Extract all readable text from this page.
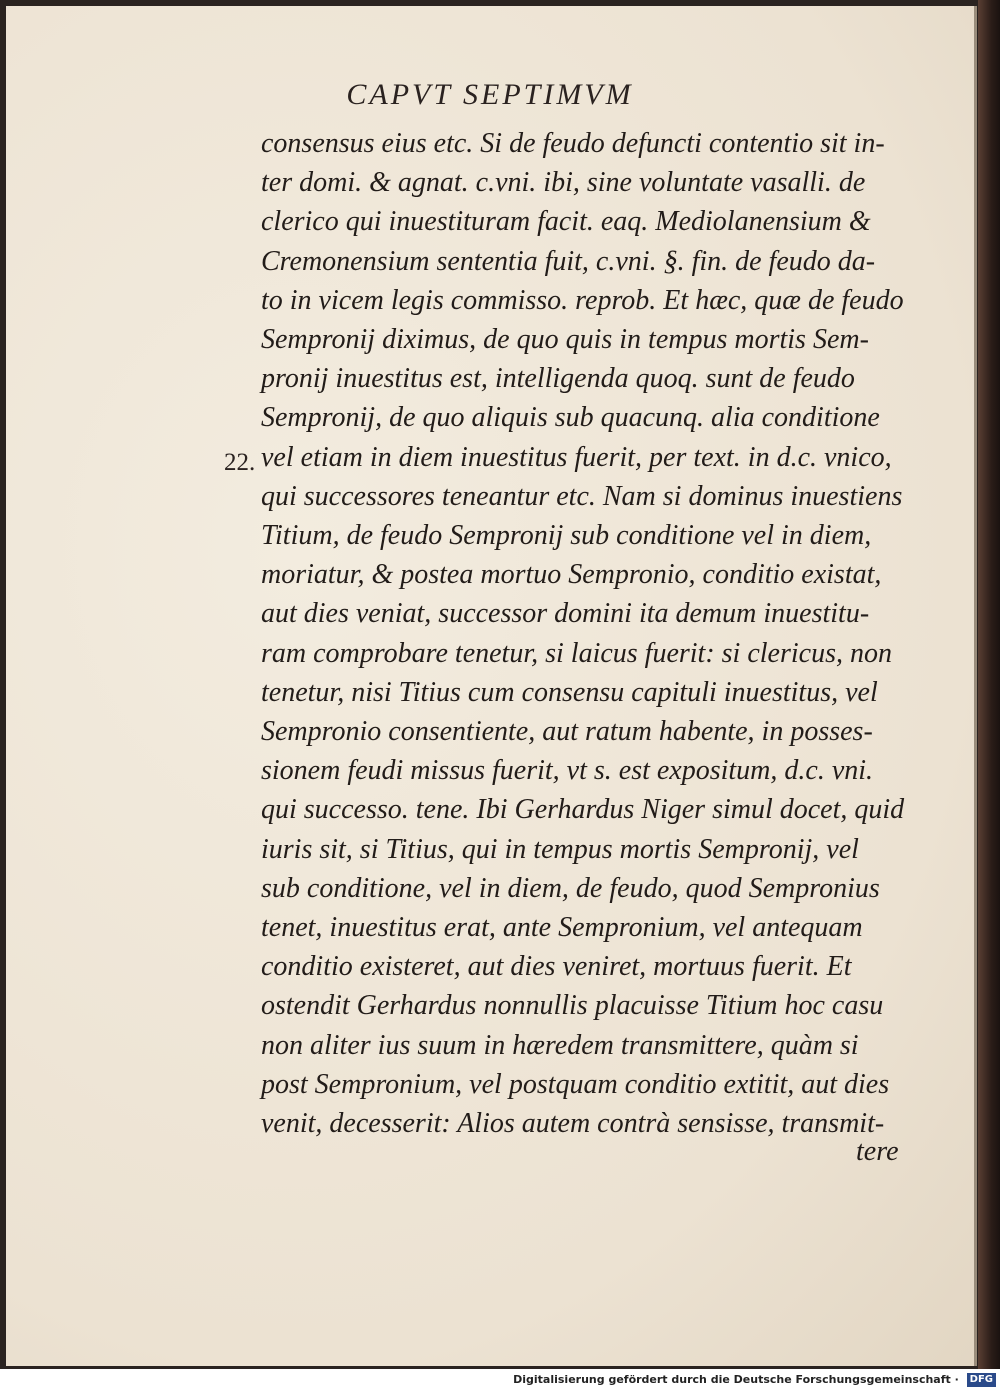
CAPVT SEPTIMVM
22.
consensus eius etc. Si de feudo defuncti contentio sit in-
ter domi. & agnat. c.vni. ibi, sine voluntate vasalli. de
clerico qui inuestituram facit. eaq. Mediolanensium &
Cremonensium sententia fuit, c.vni. §. fin. de feudo da-
to in vicem legis commisso. reprob. Et hæc, quæ de feudo
Sempronij diximus, de quo quis in tempus mortis Sem-
pronij inuestitus est, intelligenda quoq. sunt de feudo
Sempronij, de quo aliquis sub quacunq. alia conditione
vel etiam in diem inuestitus fuerit, per text. in d.c. vnico,
qui successores teneantur etc. Nam si dominus inuestiens
Titium, de feudo Sempronij sub conditione vel in diem,
moriatur, & postea mortuo Sempronio, conditio existat,
aut dies veniat, successor domini ita demum inuestitu-
ram comprobare tenetur, si laicus fuerit: si clericus, non
tenetur, nisi Titius cum consensu capituli inuestitus, vel
Sempronio consentiente, aut ratum habente, in posses-
sionem feudi missus fuerit, vt s. est expositum, d.c. vni.
qui successo. tene. Ibi Gerhardus Niger simul docet, quid
iuris sit, si Titius, qui in tempus mortis Sempronij, vel
sub conditione, vel in diem, de feudo, quod Sempronius
tenet, inuestitus erat, ante Sempronium, vel antequam
conditio existeret, aut dies veniret, mortuus fuerit. Et
ostendit Gerhardus nonnullis placuisse Titium hoc casu
non aliter ius suum in hæredem transmittere, quàm si
post Sempronium, vel postquam conditio extitit, aut dies
venit, decesserit: Alios autem contrà sensisse, transmit-
tere
Digitalisierung gefördert durch die Deutsche Forschungsgemeinschaft · DFG
